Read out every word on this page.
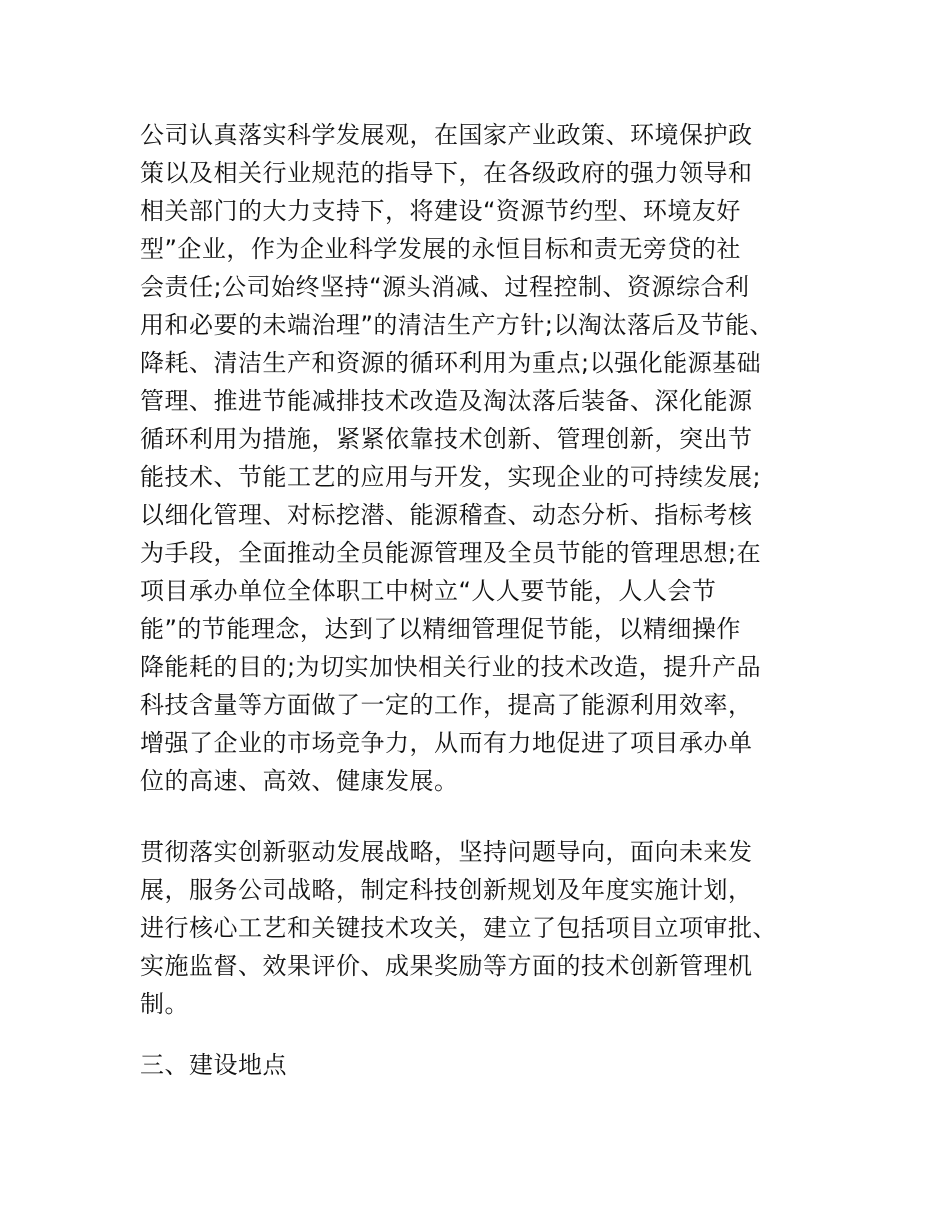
公司认真落实科学发展观，在国家产业政策、环境保护政
策以及相关行业规范的指导下，在各级政府的强力领导和
相关部门的大力支持下，将建设“资源节约型、环境友好
型”企业，作为企业科学发展的永恒目标和责无旁贷的社
会责任;公司始终坚持“源头消减、过程控制、资源综合利
用和必要的未端治理”的清洁生产方针;以淘汰落后及节能、
降耗、清洁生产和资源的循环利用为重点;以强化能源基础
管理、推进节能减排技术改造及淘汰落后装备、深化能源
循环利用为措施，紧紧依靠技术创新、管理创新，突出节
能技术、节能工艺的应用与开发，实现企业的可持续发展;
以细化管理、对标挖潜、能源稽查、动态分析、指标考核
为手段，全面推动全员能源管理及全员节能的管理思想;在
项目承办单位全体职工中树立“人人要节能，人人会节
能”的节能理念，达到了以精细管理促节能，以精细操作
降能耗的目的;为切实加快相关行业的技术改造，提升产品
科技含量等方面做了一定的工作，提高了能源利用效率，
增强了企业的市场竞争力，从而有力地促进了项目承办单
位的高速、高效、健康发展。
贯彻落实创新驱动发展战略，坚持问题导向，面向未来发
展，服务公司战略，制定科技创新规划及年度实施计划，
进行核心工艺和关键技术攻关，建立了包括项目立项审批、
实施监督、效果评价、成果奖励等方面的技术创新管理机
制。
三、建设地点
